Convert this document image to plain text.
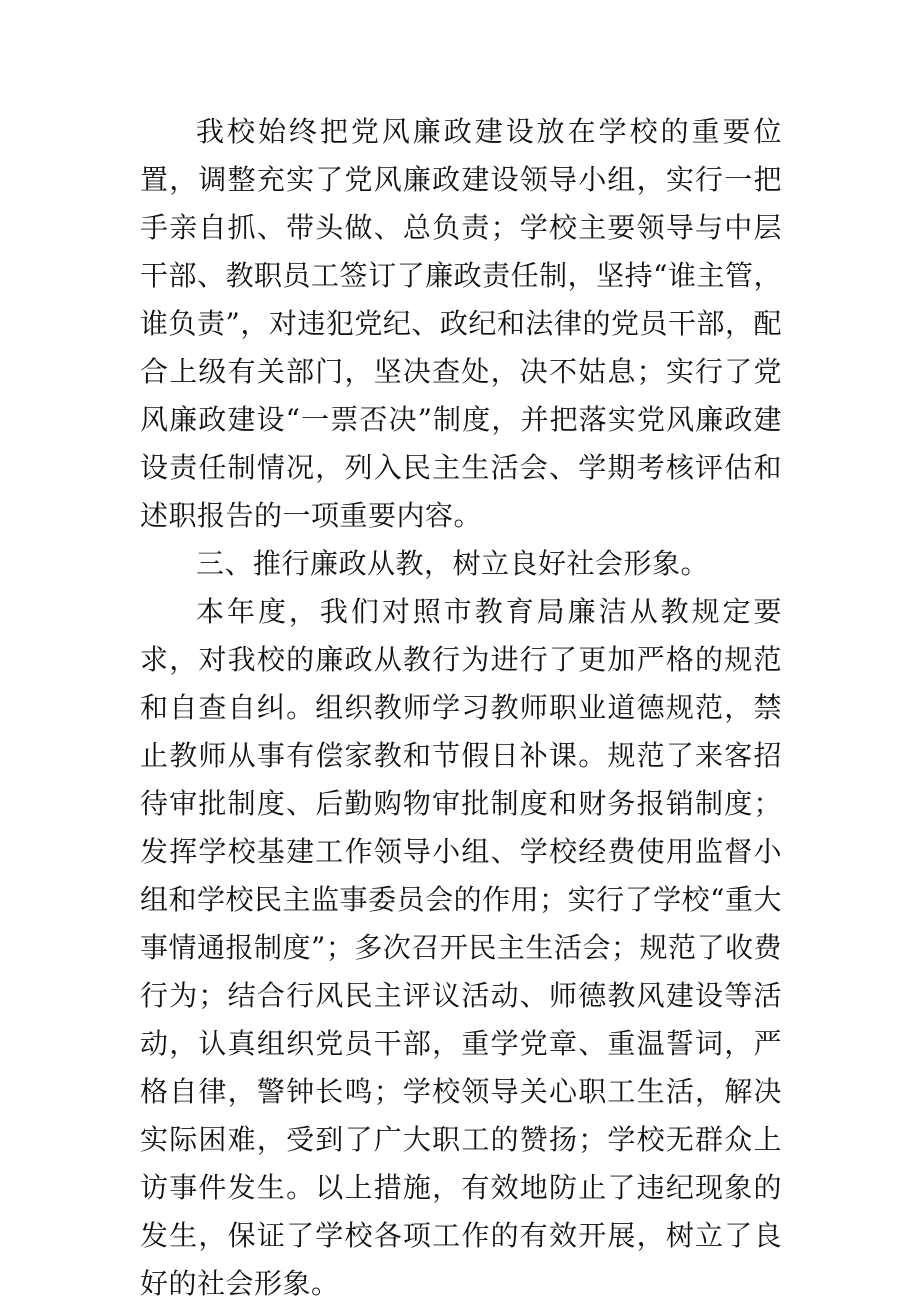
我校始终把党风廉政建设放在学校的重要位置，调整充实了党风廉政建设领导小组，实行一把手亲自抓、带头做、总负责；学校主要领导与中层干部、教职员工签订了廉政责任制，坚持“谁主管，谁负责”，对违犯党纪、政纪和法律的党员干部，配合上级有关部门，坚决查处，决不姑息；实行了党风廉政建设“一票否决”制度，并把落实党风廉政建设责任制情况，列入民主生活会、学期考核评估和述职报告的一项重要内容。

三、推行廉政从教，树立良好社会形象。

本年度，我们对照市教育局廉洁从教规定要求，对我校的廉政从教行为进行了更加严格的规范和自查自纠。组织教师学习教师职业道德规范，禁止教师从事有偿家教和节假日补课。规范了来客招待审批制度、后勤购物审批制度和财务报销制度；发挥学校基建工作领导小组、学校经费使用监督小组和学校民主监事委员会的作用；实行了学校“重大事情通报制度”；多次召开民主生活会；规范了收费行为；结合行风民主评议活动、师德教风建设等活动，认真组织党员干部，重学党章、重温誓词，严格自律，警钟长鸣；学校领导关心职工生活，解决实际困难，受到了广大职工的赞扬；学校无群众上访事件发生。以上措施，有效地防止了违纪现象的发生，保证了学校各项工作的有效开展，树立了良好的社会形象。
